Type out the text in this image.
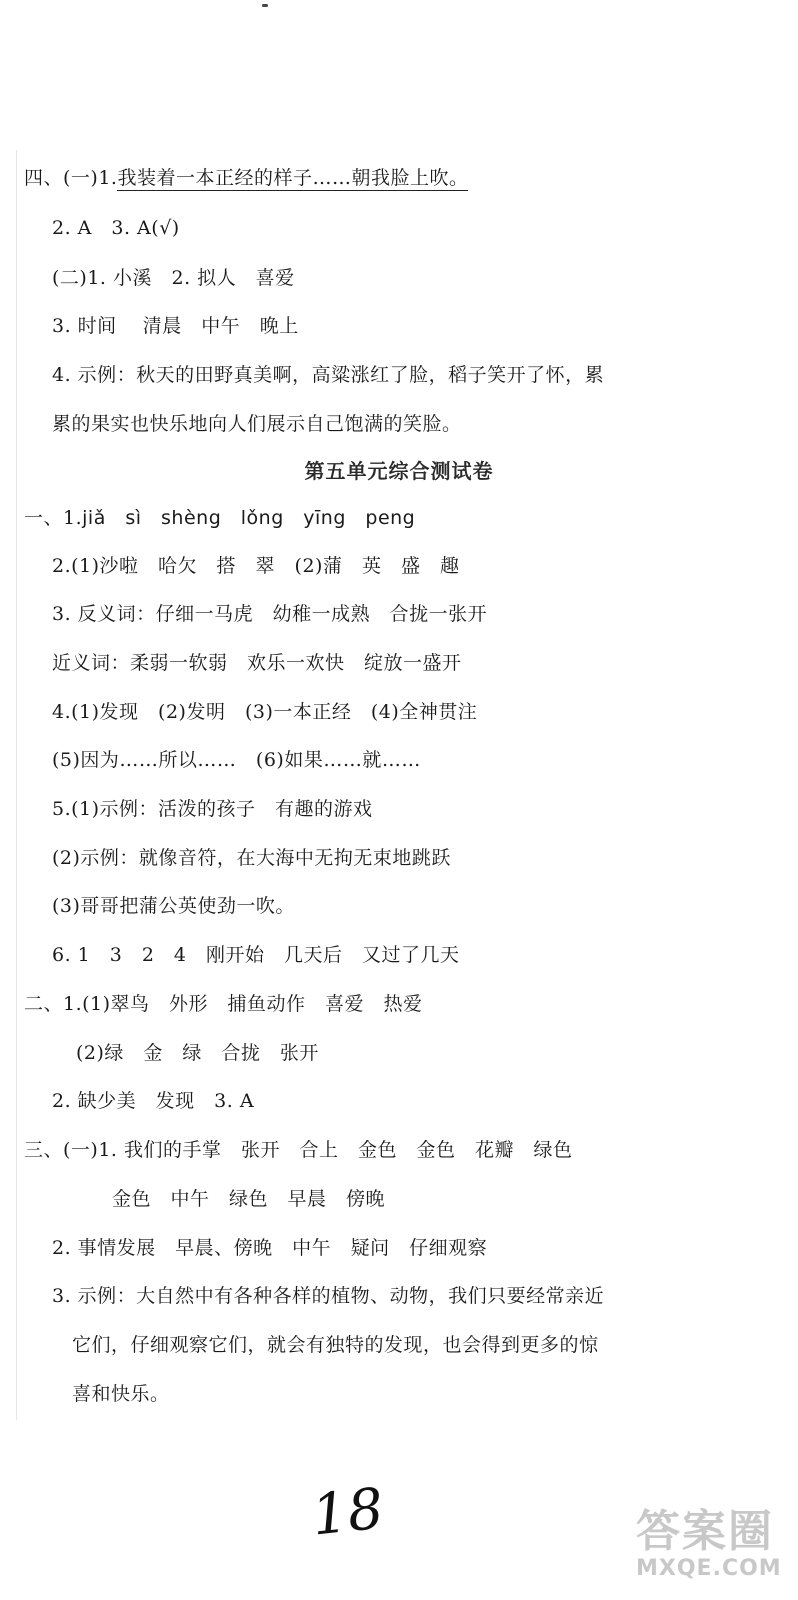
四、(一)1.我装着一本正经的样子……朝我脸上吹。
2. A　3. A(√)
(二)1. 小溪　2. 拟人　喜爱
3. 时间　 清晨　中午　晚上
4. 示例：秋天的田野真美啊，高粱涨红了脸，稻子笑开了怀，累
累的果实也快乐地向人们展示自己饱满的笑脸。
第五单元综合测试卷
一、1.jiǎ　sì　shèng　lǒng　yīng　peng
2.(1)沙啦　哈欠　搭　翠　(2)蒲　英　盛　趣
3. 反义词：仔细一马虎　幼稚一成熟　合拢一张开
近义词：柔弱一软弱　欢乐一欢快　绽放一盛开
4.(1)发现　(2)发明　(3)一本正经　(4)全神贯注
(5)因为……所以……　(6)如果……就……
5.(1)示例：活泼的孩子　有趣的游戏
(2)示例：就像音符，在大海中无拘无束地跳跃
(3)哥哥把蒲公英使劲一吹。
6. 1　3　2　4　刚开始　几天后　又过了几天
二、1.(1)翠鸟　外形　捕鱼动作　喜爱　热爱
(2)绿　金　绿　合拢　张开
2. 缺少美　发现　3. A
三、(一)1. 我们的手掌　张开　合上　金色　金色　花瓣　绿色
金色　中午　绿色　早晨　傍晚
2. 事情发展　早晨、傍晚　中午　疑问　仔细观察
3. 示例：大自然中有各种各样的植物、动物，我们只要经常亲近
它们，仔细观察它们，就会有独特的发现，也会得到更多的惊
喜和快乐。
18	答案圈
MXQE.COM
